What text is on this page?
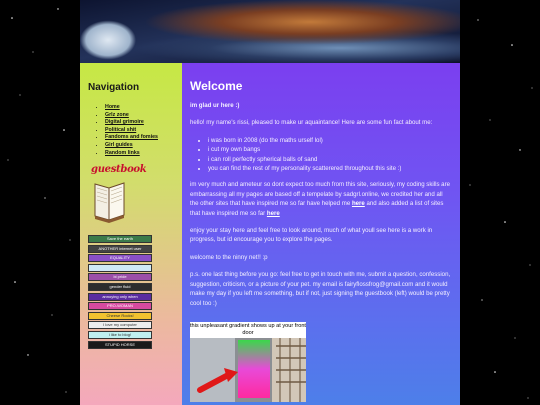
Navigation
• Home
• Grlz zone
• Digital grimoire
• Political shit
• Fandoms and fomies
• Girl guides
• Random links
guestbook
Save the earth
ANOTHER internet user
EQUALITY
bi pride
gender fluid
annoying only when
PRO-WOMAN
Cheese Rocks!
I love my computer
i like to blog!
STUPID HORSE
Welcome

im glad ur here :)

hello! my name's rissi, pleased to make ur aquaintance! Here are some fun fact about me:

• i was born in 2008 (do the maths urself lol)
• i cut my own bangs
• i can roll perfectly spherical balls of sand
• you can find the rest of my personality scatterered throughout this site :)

im very much and ameteur so dont expect too much from this site, seriously, my coding skills are embarrassing all my pages are based off a tempelate by sadgrl.online, we credited her and all the other sites that have inspired me so far have helped me here and also added a list of sites that have inspired me so far here

enjoy your stay here and feel free to look around, much of what youll see here is a work in progress, but id encourage you to explore the pages.

welcome to the ninny net!! :p

p.s. one last thing before you go: feel free to get in touch with me, submit a question, confession, suggestion, criticism, or a picture of your pet. my email is fairyflossfrog@gmail.com and it would make my day if you left me something, but if not, just signing the guestbook (left) would be pretty cool too :)

this unpleasant gradient shows up at your front door
